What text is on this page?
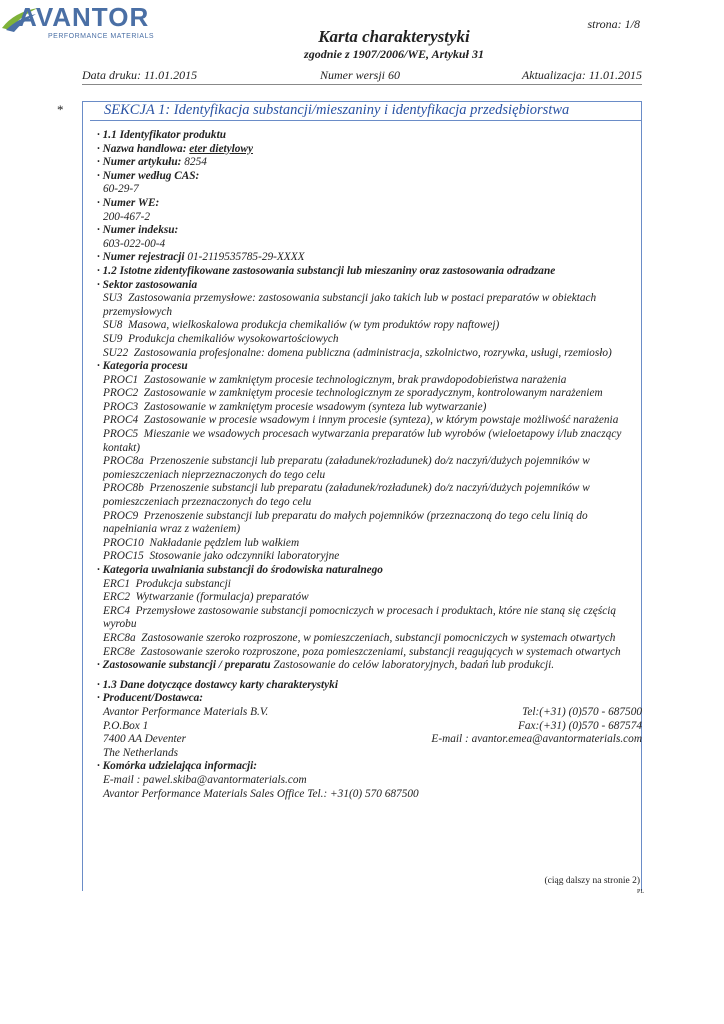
AVANTOR
PERFORMANCE MATERIALS
strona: 1/8
Karta charakterystyki
zgodnie z 1907/2006/WE, Artykuł 31
Data druku: 11.01.2015	Numer wersji 60	Aktualizacja: 11.01.2015
*	SEKCJA 1: Identyfikacja substancji/mieszaniny i identyfikacja przedsiębiorstwa
· 1.1 Identyfikator produktu
· Nazwa handlowa: eter dietylowy
· Numer artykułu: 8254
· Numer według CAS:
60-29-7
· Numer WE:
200-467-2
· Numer indeksu:
603-022-00-4
· Numer rejestracji 01-2119535785-29-XXXX
· 1.2 Istotne zidentyfikowane zastosowania substancji lub mieszaniny oraz zastosowania odradzane
· Sektor zastosowania
SU3  Zastosowania przemysłowe: zastosowania substancji jako takich lub w postaci preparatów w obiektach przemysłowych
SU8  Masowa, wielkoskalowa produkcja chemikaliów (w tym produktów ropy naftowej)
SU9  Produkcja chemikaliów wysokowartościowych
SU22  Zastosowania profesjonalne: domena publiczna (administracja, szkolnictwo, rozrywka, usługi, rzemiosło)
· Kategoria procesu
PROC1  Zastosowanie w zamkniętym procesie technologicznym, brak prawdopodobieństwa narażenia
PROC2  Zastosowanie w zamkniętym procesie technologicznym ze sporadycznym, kontrolowanym narażeniem
PROC3  Zastosowanie w zamkniętym procesie wsadowym (synteza lub wytwarzanie)
PROC4  Zastosowanie w procesie wsadowym i innym procesie (synteza), w którym powstaje możliwość narażenia
PROC5  Mieszanie we wsadowych procesach wytwarzania preparatów lub wyrobów (wieloetapowy i/lub znaczący kontakt)
PROC8a  Przenoszenie substancji lub preparatu (załadunek/rozładunek) do/z naczyń/dużych pojemników w pomieszczeniach nieprzeznaczonych do tego celu
PROC8b  Przenoszenie substancji lub preparatu (załadunek/rozładunek) do/z naczyń/dużych pojemników w pomieszczeniach przeznaczonych do tego celu
PROC9  Przenoszenie substancji lub preparatu do małych pojemników (przeznaczoną do tego celu linią do napełniania wraz z ważeniem)
PROC10  Nakładanie pędzlem lub wałkiem
PROC15  Stosowanie jako odczynniki laboratoryjne
· Kategoria uwalniania substancji do środowiska naturalnego
ERC1  Produkcja substancji
ERC2  Wytwarzanie (formulacja) preparatów
ERC4  Przemysłowe zastosowanie substancji pomocniczych w procesach i produktach, które nie staną się częścią wyrobu
ERC8a  Zastosowanie szeroko rozproszone, w pomieszczeniach, substancji pomocniczych w systemach otwartych
ERC8e  Zastosowanie szeroko rozproszone, poza pomieszczeniami, substancji reagujących w systemach otwartych
· Zastosowanie substancji / preparatu Zastosowanie do celów laboratoryjnych, badań lub produkcji.
· 1.3 Dane dotyczące dostawcy karty charakterystyki
· Producent/Dostawca:
Avantor Performance Materials B.V.	Tel:(+31) (0)570 - 687500
P.O.Box 1	Fax:(+31) (0)570 - 687574
7400 AA Deventer	E-mail : avantor.emea@avantormaterials.com
The Netherlands
· Komórka udzielająca informacji:
E-mail : pawel.skiba@avantormaterials.com
Avantor Performance Materials Sales Office Tel.: +31(0) 570 687500
(ciąg dalszy na stronie 2)
PL
